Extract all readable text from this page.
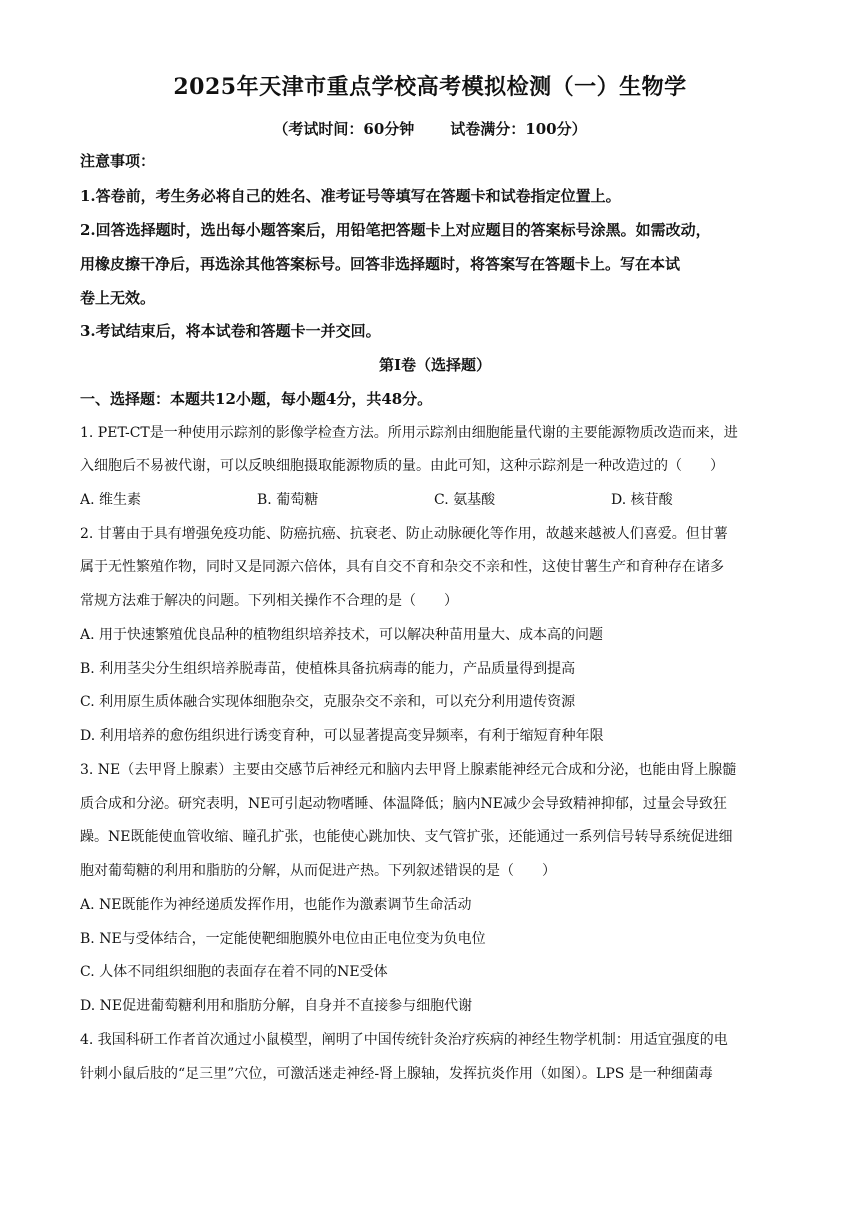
2025年天津市重点学校高考模拟检测（一）生物学
（考试时间：60分钟 试卷满分：100分）
注意事项：
1.答卷前，考生务必将自己的姓名、准考证号等填写在答题卡和试卷指定位置上。
2.回答选择题时，选出每小题答案后，用铅笔把答题卡上对应题目的答案标号涂黑。如需改动，
用橡皮擦干净后，再选涂其他答案标号。回答非选择题时，将答案写在答题卡上。写在本试
卷上无效。
3.考试结束后，将本试卷和答题卡一并交回。
第Ⅰ卷（选择题）
一、选择题：本题共12小题，每小题4分，共48分。
1. PET-CT是一种使用示踪剂的影像学检查方法。所用示踪剂由细胞能量代谢的主要能源物质改造而来，进
入细胞后不易被代谢，可以反映细胞摄取能源物质的量。由此可知，这种示踪剂是一种改造过的（　　）
A. 维生素	B. 葡萄糖	C. 氨基酸	D. 核苷酸
2. 甘薯由于具有增强免疫功能、防癌抗癌、抗衰老、防止动脉硬化等作用，故越来越被人们喜爱。但甘薯
属于无性繁殖作物，同时又是同源六倍体，具有自交不育和杂交不亲和性，这使甘薯生产和育种存在诸多
常规方法难于解决的问题。下列相关操作不合理的是（　　）
A. 用于快速繁殖优良品种的植物组织培养技术，可以解决种苗用量大、成本高的问题
B. 利用茎尖分生组织培养脱毒苗，使植株具备抗病毒的能力，产品质量得到提高
C. 利用原生质体融合实现体细胞杂交，克服杂交不亲和，可以充分利用遗传资源
D. 利用培养的愈伤组织进行诱变育种，可以显著提高变异频率，有利于缩短育种年限
3. NE（去甲肾上腺素）主要由交感节后神经元和脑内去甲肾上腺素能神经元合成和分泌，也能由肾上腺髓
质合成和分泌。研究表明，NE可引起动物嗜睡、体温降低；脑内NE减少会导致精神抑郁，过量会导致狂
躁。NE既能使血管收缩、瞳孔扩张，也能使心跳加快、支气管扩张，还能通过一系列信号转导系统促进细
胞对葡萄糖的利用和脂肪的分解，从而促进产热。下列叙述错误的是（　　）
A. NE既能作为神经递质发挥作用，也能作为激素调节生命活动
B. NE与受体结合，一定能使靶细胞膜外电位由正电位变为负电位
C. 人体不同组织细胞的表面存在着不同的NE受体
D. NE促进葡萄糖利用和脂肪分解，自身并不直接参与细胞代谢
4. 我国科研工作者首次通过小鼠模型，阐明了中国传统针灸治疗疾病的神经生物学机制：用适宜强度的电
针刺小鼠后肢的“足三里”穴位，可激活迷走神经-肾上腺轴，发挥抗炎作用（如图）。LPS 是一种细菌毒
